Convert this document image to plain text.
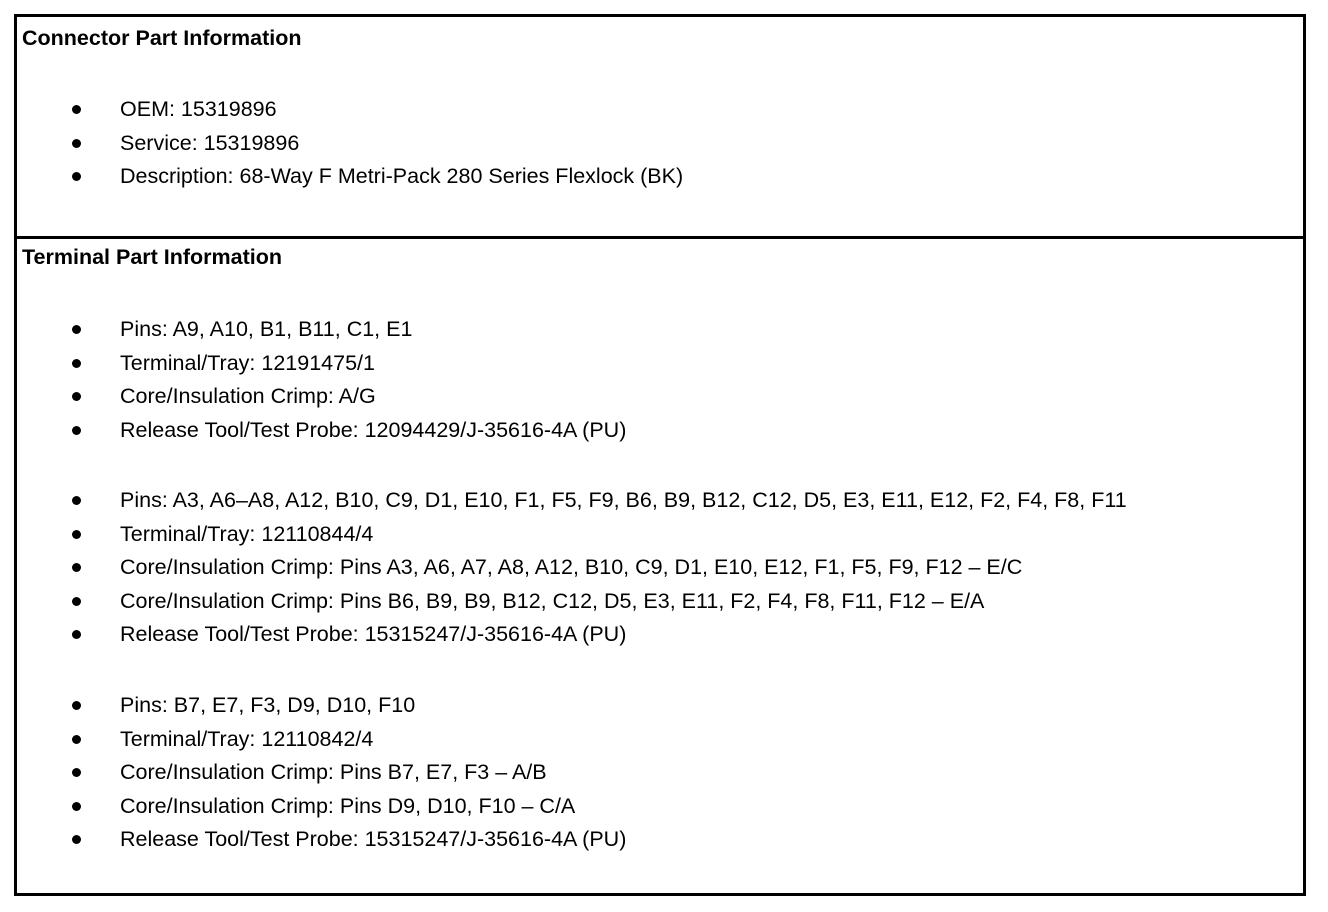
Connector Part Information
OEM: 15319896
Service: 15319896
Description: 68-Way F Metri-Pack 280 Series Flexlock (BK)
Terminal Part Information
Pins: A9, A10, B1, B11, C1, E1
Terminal/Tray: 12191475/1
Core/Insulation Crimp: A/G
Release Tool/Test Probe: 12094429/J-35616-4A (PU)
Pins: A3, A6–A8, A12, B10, C9, D1, E10, F1, F5, F9, B6, B9, B12, C12, D5, E3, E11, E12, F2, F4, F8, F11
Terminal/Tray: 12110844/4
Core/Insulation Crimp: Pins A3, A6, A7, A8, A12, B10, C9, D1, E10, E12, F1, F5, F9, F12 – E/C
Core/Insulation Crimp: Pins B6, B9, B9, B12, C12, D5, E3, E11, F2, F4, F8, F11, F12 – E/A
Release Tool/Test Probe: 15315247/J-35616-4A (PU)
Pins: B7, E7, F3, D9, D10, F10
Terminal/Tray: 12110842/4
Core/Insulation Crimp: Pins B7, E7, F3 – A/B
Core/Insulation Crimp: Pins D9, D10, F10 – C/A
Release Tool/Test Probe: 15315247/J-35616-4A (PU)
